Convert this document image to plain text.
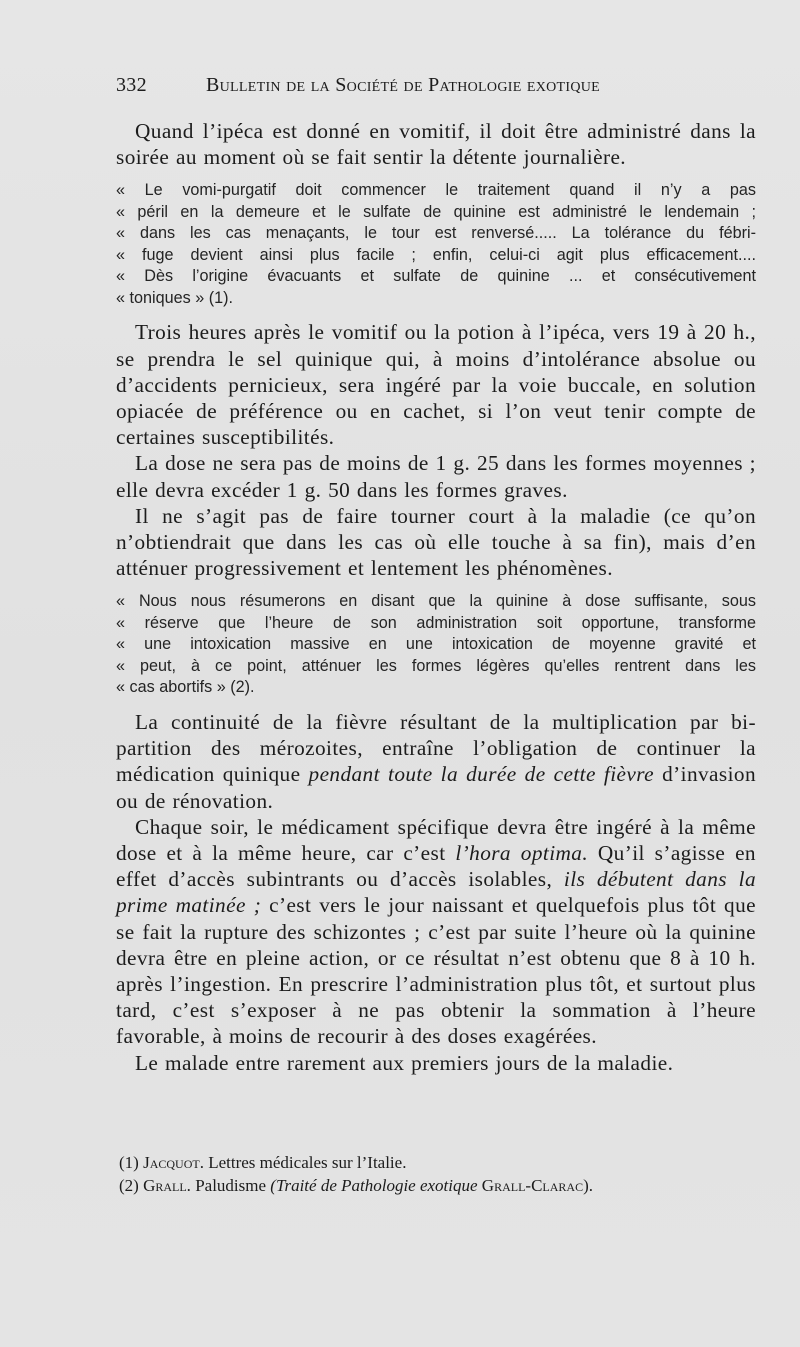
332	Bulletin de la Société de Pathologie exotique

Quand l’ipéca est donné en vomitif, il doit être administré dans la soirée au moment où se fait sentir la détente journalière.

« Le vomi-purgatif doit commencer le traitement quand il n’y a pas
« péril en la demeure et le sulfate de quinine est administré le lendemain ;
« dans les cas menaçants, le tour est renversé..... La tolérance du fébri-
« fuge devient ainsi plus facile ; enfin, celui-ci agit plus efficacement....
« Dès l’origine évacuants et sulfate de quinine ... et consécutivement
« toniques » (1).

Trois heures après le vomitif ou la potion à l’ipéca, vers 19 à 20 h., se prendra le sel quinique qui, à moins d’intolérance absolue ou d’accidents pernicieux, sera ingéré par la voie buccale, en solution opiacée de préférence ou en cachet, si l’on veut tenir compte de certaines susceptibilités.

La dose ne sera pas de moins de 1 g. 25 dans les formes moyennes ; elle devra excéder 1 g. 50 dans les formes graves.

Il ne s’agit pas de faire tourner court à la maladie (ce qu’on n’obtiendrait que dans les cas où elle touche à sa fin), mais d’en atténuer progressivement et lentement les phénomènes.

« Nous nous résumerons en disant que la quinine à dose suffisante, sous
« réserve que l’heure de son administration soit opportune, transforme
« une intoxication massive en une intoxication de moyenne gravité et
« peut, à ce point, atténuer les formes légères qu’elles rentrent dans les
« cas abortifs » (2).

La continuité de la fièvre résultant de la multiplication par bi-partition des mérozoites, entraîne l’obligation de continuer la médication quinique pendant toute la durée de cette fièvre d’invasion ou de rénovation.

Chaque soir, le médicament spécifique devra être ingéré à la même dose et à la même heure, car c’est l’hora optima. Qu’il s’agisse en effet d’accès subintrants ou d’accès isolables, ils débutent dans la prime matinée ; c’est vers le jour naissant et quelquefois plus tôt que se fait la rupture des schizontes ; c’est par suite l’heure où la quinine devra être en pleine action, or ce résultat n’est obtenu que 8 à 10 h. après l’ingestion. En prescrire l’administration plus tôt, et surtout plus tard, c’est s’exposer à ne pas obtenir la sommation à l’heure favorable, à moins de recourir à des doses exagérées.

Le malade entre rarement aux premiers jours de la maladie.

(1) Jacquot. Lettres médicales sur l’Italie.

(2) Grall. Paludisme (Traité de Pathologie exotique Grall-Clarac).
